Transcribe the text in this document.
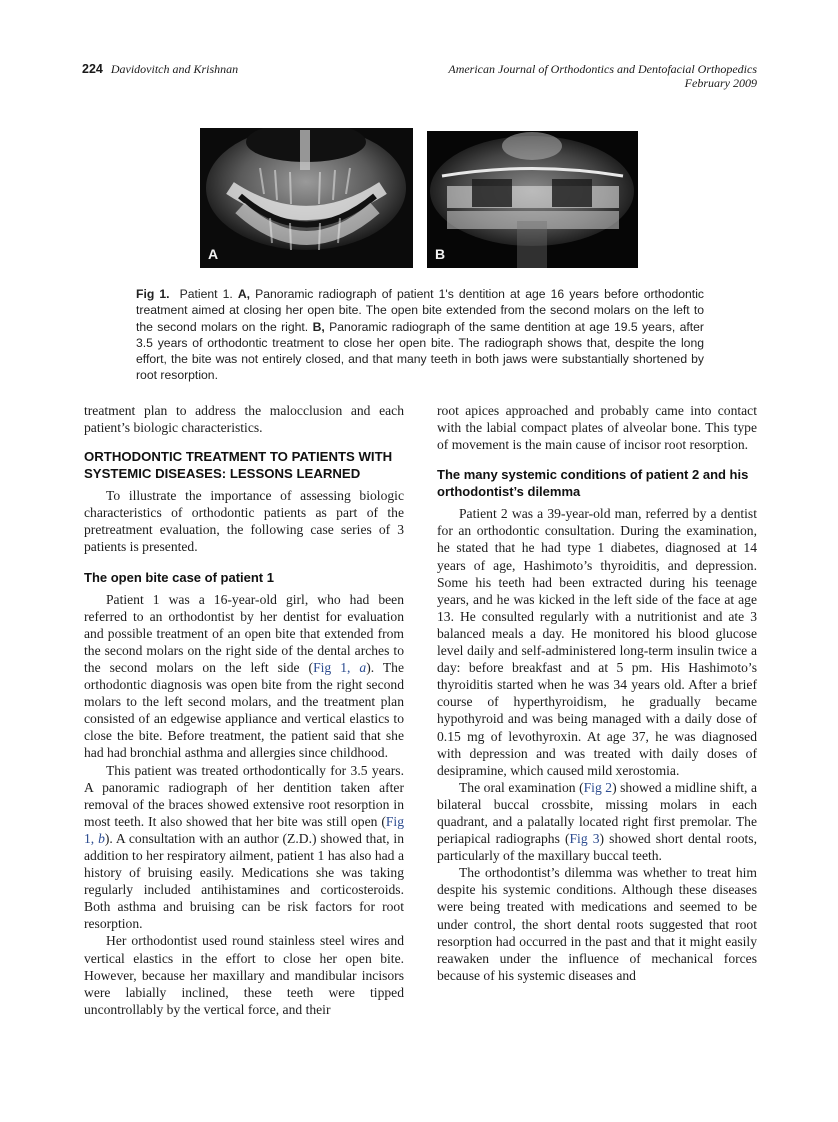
224 Davidovitch and Krishnan	American Journal of Orthodontics and Dentofacial Orthopedics
February 2009
A	B
Fig 1. Patient 1. A, Panoramic radiograph of patient 1's dentition at age 16 years before orthodontic treatment aimed at closing her open bite. The open bite extended from the second molars on the left to the second molars on the right. B, Panoramic radiograph of the same dentition at age 19.5 years, after 3.5 years of orthodontic treatment to close her open bite. The radiograph shows that, despite the long effort, the bite was not entirely closed, and that many teeth in both jaws were substantially shortened by root resorption.

treatment plan to address the malocclusion and each patient’s biologic characteristics.

ORTHODONTIC TREATMENT TO PATIENTS WITH SYSTEMIC DISEASES: LESSONS LEARNED

To illustrate the importance of assessing biologic characteristics of orthodontic patients as part of the pretreatment evaluation, the following case series of 3 patients is presented.

The open bite case of patient 1

Patient 1 was a 16-year-old girl, who had been referred to an orthodontist by her dentist for evaluation and possible treatment of an open bite that extended from the second molars on the right side of the dental arches to the second molars on the left side (Fig 1, a). The orthodontic diagnosis was open bite from the right second molars to the left second molars, and the treatment plan consisted of an edgewise appliance and vertical elastics to close the bite. Before treatment, the patient said that she had had bronchial asthma and allergies since childhood.

This patient was treated orthodontically for 3.5 years. A panoramic radiograph of her dentition taken after removal of the braces showed extensive root resorption in most teeth. It also showed that her bite was still open (Fig 1, b). A consultation with an author (Z.D.) showed that, in addition to her respiratory ailment, patient 1 has also had a history of bruising easily. Medications she was taking regularly included antihistamines and corticosteroids. Both asthma and bruising can be risk factors for root resorption.

Her orthodontist used round stainless steel wires and vertical elastics in the effort to close her open bite. However, because her maxillary and mandibular incisors were labially inclined, these teeth were tipped uncontrollably by the vertical force, and their

root apices approached and probably came into contact with the labial compact plates of alveolar bone. This type of movement is the main cause of incisor root resorption.

The many systemic conditions of patient 2 and his orthodontist’s dilemma

Patient 2 was a 39-year-old man, referred by a dentist for an orthodontic consultation. During the examination, he stated that he had type 1 diabetes, diagnosed at 14 years of age, Hashimoto’s thyroiditis, and depression. Some his teeth had been extracted during his teenage years, and he was kicked in the left side of the face at age 13. He consulted regularly with a nutritionist and ate 3 balanced meals a day. He monitored his blood glucose level daily and self-administered long-term insulin twice a day: before breakfast and at 5 pm. His Hashimoto’s thyroiditis started when he was 34 years old. After a brief course of hyperthyroidism, he gradually became hypothyroid and was being managed with a daily dose of 0.15 mg of levothyroxin. At age 37, he was diagnosed with depression and was treated with daily doses of desipramine, which caused mild xerostomia.

The oral examination (Fig 2) showed a midline shift, a bilateral buccal crossbite, missing molars in each quadrant, and a palatally located right first premolar. The periapical radiographs (Fig 3) showed short dental roots, particularly of the maxillary buccal teeth.

The orthodontist’s dilemma was whether to treat him despite his systemic conditions. Although these diseases were being treated with medications and seemed to be under control, the short dental roots suggested that root resorption had occurred in the past and that it might easily reawaken under the influence of mechanical forces because of his systemic diseases and
